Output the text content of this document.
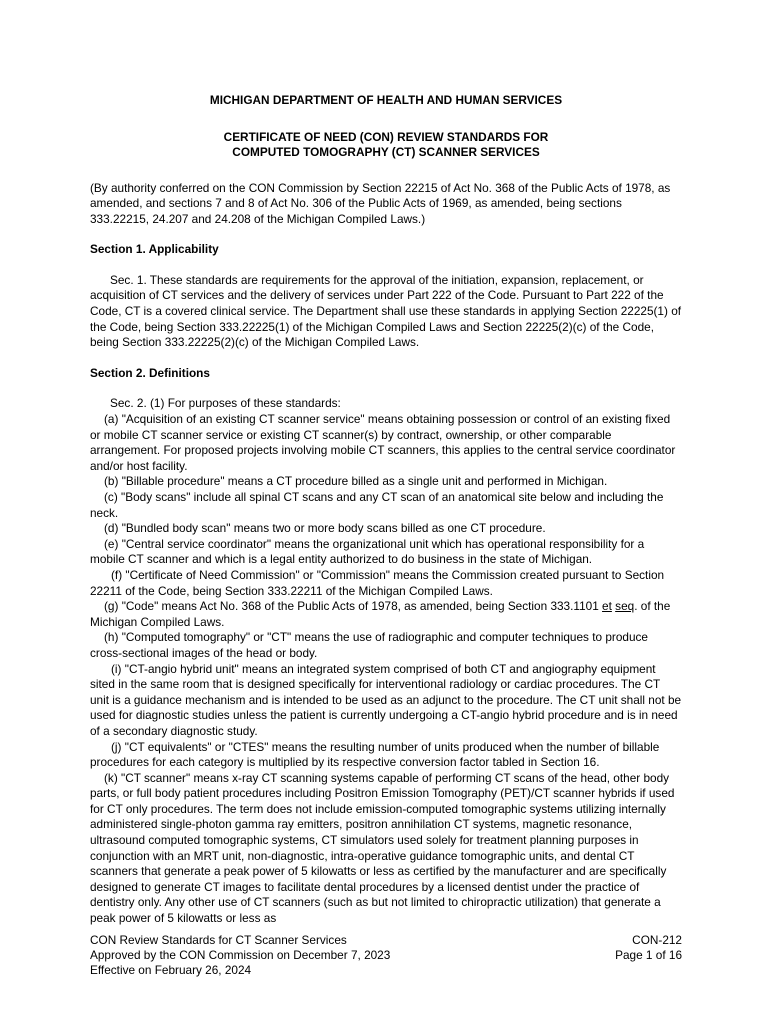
MICHIGAN DEPARTMENT OF HEALTH AND HUMAN SERVICES

CERTIFICATE OF NEED (CON) REVIEW STANDARDS FOR

COMPUTED TOMOGRAPHY (CT) SCANNER SERVICES

(By authority conferred on the CON Commission by Section 22215 of Act No. 368 of the Public Acts of 1978, as amended, and sections 7 and 8 of Act No. 306 of the Public Acts of 1969, as amended, being sections 333.22215, 24.207 and 24.208 of the Michigan Compiled Laws.)

Section 1. Applicability

Sec. 1. These standards are requirements for the approval of the initiation, expansion, replacement, or acquisition of CT services and the delivery of services under Part 222 of the Code. Pursuant to Part 222 of the Code, CT is a covered clinical service. The Department shall use these standards in applying Section 22225(1) of the Code, being Section 333.22225(1) of the Michigan Compiled Laws and Section 22225(2)(c) of the Code, being Section 333.22225(2)(c) of the Michigan Compiled Laws.

Section 2. Definitions

Sec. 2. (1) For purposes of these standards:

(a) "Acquisition of an existing CT scanner service" means obtaining possession or control of an existing fixed or mobile CT scanner service or existing CT scanner(s) by contract, ownership, or other comparable arrangement. For proposed projects involving mobile CT scanners, this applies to the central service coordinator and/or host facility.

(b) "Billable procedure" means a CT procedure billed as a single unit and performed in Michigan.

(c) "Body scans" include all spinal CT scans and any CT scan of an anatomical site below and including the neck.

(d) "Bundled body scan" means two or more body scans billed as one CT procedure.

(e) "Central service coordinator" means the organizational unit which has operational responsibility for a mobile CT scanner and which is a legal entity authorized to do business in the state of Michigan.

(f) "Certificate of Need Commission" or "Commission" means the Commission created pursuant to Section 22211 of the Code, being Section 333.22211 of the Michigan Compiled Laws.

(g) "Code" means Act No. 368 of the Public Acts of 1978, as amended, being Section 333.1101 et seq. of the Michigan Compiled Laws.

(h) "Computed tomography" or "CT" means the use of radiographic and computer techniques to produce cross-sectional images of the head or body.

(i) "CT-angio hybrid unit" means an integrated system comprised of both CT and angiography equipment sited in the same room that is designed specifically for interventional radiology or cardiac procedures. The CT unit is a guidance mechanism and is intended to be used as an adjunct to the procedure. The CT unit shall not be used for diagnostic studies unless the patient is currently undergoing a CT-angio hybrid procedure and is in need of a secondary diagnostic study.

(j) "CT equivalents" or "CTES" means the resulting number of units produced when the number of billable procedures for each category is multiplied by its respective conversion factor tabled in Section 16.

(k) "CT scanner" means x-ray CT scanning systems capable of performing CT scans of the head, other body parts, or full body patient procedures including Positron Emission Tomography (PET)/CT scanner hybrids if used for CT only procedures. The term does not include emission-computed tomographic systems utilizing internally administered single-photon gamma ray emitters, positron annihilation CT systems, magnetic resonance, ultrasound computed tomographic systems, CT simulators used solely for treatment planning purposes in conjunction with an MRT unit, non-diagnostic, intra-operative guidance tomographic units, and dental CT scanners that generate a peak power of 5 kilowatts or less as certified by the manufacturer and are specifically designed to generate CT images to facilitate dental procedures by a licensed dentist under the practice of dentistry only. Any other use of CT scanners (such as but not limited to chiropractic utilization) that generate a peak power of 5 kilowatts or less as

CON Review Standards for CT Scanner Services
Approved by the CON Commission on December 7, 2023
Effective on February 26, 2024
CON-212
Page 1 of 16
